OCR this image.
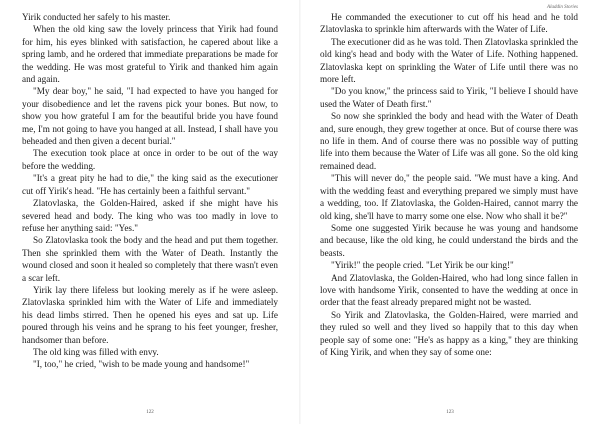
Yirik conducted her safely to his master.

When the old king saw the lovely princess that Yirik had found for him, his eyes blinked with satisfaction, he capered about like a spring lamb, and he ordered that immediate preparations be made for the wedding. He was most grateful to Yirik and thanked him again and again.

"My dear boy," he said, "I had expected to have you hanged for your disobedience and let the ravens pick your bones. But now, to show you how grateful I am for the beautiful bride you have found me, I'm not going to have you hanged at all. Instead, I shall have you beheaded and then given a decent burial."

The execution took place at once in order to be out of the way before the wedding.

"It's a great pity he had to die," the king said as the executioner cut off Yirik's head. "He has certainly been a faithful servant."

Zlatovlaska, the Golden-Haired, asked if she might have his severed head and body. The king who was too madly in love to refuse her anything said: "Yes."

So Zlatovlaska took the body and the head and put them together. Then she sprinkled them with the Water of Death. Instantly the wound closed and soon it healed so completely that there wasn't even a scar left.

Yirik lay there lifeless but looking merely as if he were asleep. Zlatovlaska sprinkled him with the Water of Life and immediately his dead limbs stirred. Then he opened his eyes and sat up. Life poured through his veins and he sprang to his feet younger, fresher, handsomer than before.

The old king was filled with envy.

"I, too," he cried, "wish to be made young and handsome!"

122
Aladdin Stories

He commanded the executioner to cut off his head and he told Zlatovlaska to sprinkle him afterwards with the Water of Life.

The executioner did as he was told. Then Zlatovlaska sprinkled the old king's head and body with the Water of Life. Nothing happened. Zlatovlaska kept on sprinkling the Water of Life until there was no more left.

"Do you know," the princess said to Yirik, "I believe I should have used the Water of Death first."

So now she sprinkled the body and head with the Water of Death and, sure enough, they grew together at once. But of course there was no life in them. And of course there was no possible way of putting life into them because the Water of Life was all gone. So the old king remained dead.

"This will never do," the people said. "We must have a king. And with the wedding feast and everything prepared we simply must have a wedding, too. If Zlatovlaska, the Golden-Haired, cannot marry the old king, she'll have to marry some one else. Now who shall it be?"

Some one suggested Yirik because he was young and handsome and because, like the old king, he could understand the birds and the beasts.

"Yirik!" the people cried. "Let Yirik be our king!"

And Zlatovlaska, the Golden-Haired, who had long since fallen in love with handsome Yirik, consented to have the wedding at once in order that the feast already prepared might not be wasted.

So Yirik and Zlatovlaska, the Golden-Haired, were married and they ruled so well and they lived so happily that to this day when people say of some one: "He's as happy as a king," they are thinking of King Yirik, and when they say of some one:

123
